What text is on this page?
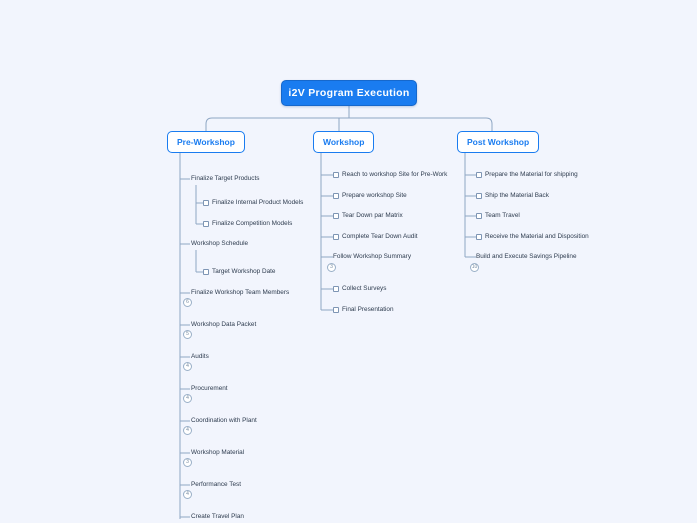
i2V Program Execution
Pre-Workshop	Workshop	Post Workshop
Finalize Target Products
Finalize Internal Product Models
Finalize Competition Models
Workshop Schedule
Target Workshop Date
Finalize Workshop Team Members
6
Workshop Data Packet
5
Audits
4
Procurement
4
Coordination with Plant
4
Workshop Material
3
Performance Test
4
Create Travel Plan
Reach to workshop Site for Pre-Work
Prepare workshop Site
Tear Down par Matrix
Complete Tear Down Audit
Follow Workshop Summary
3
Collect Surveys
Final Presentation
Prepare the Material for shipping
Ship the Material Back
Team Travel
Receive the Material and Disposition
Build and Execute Savings Pipeline
10
